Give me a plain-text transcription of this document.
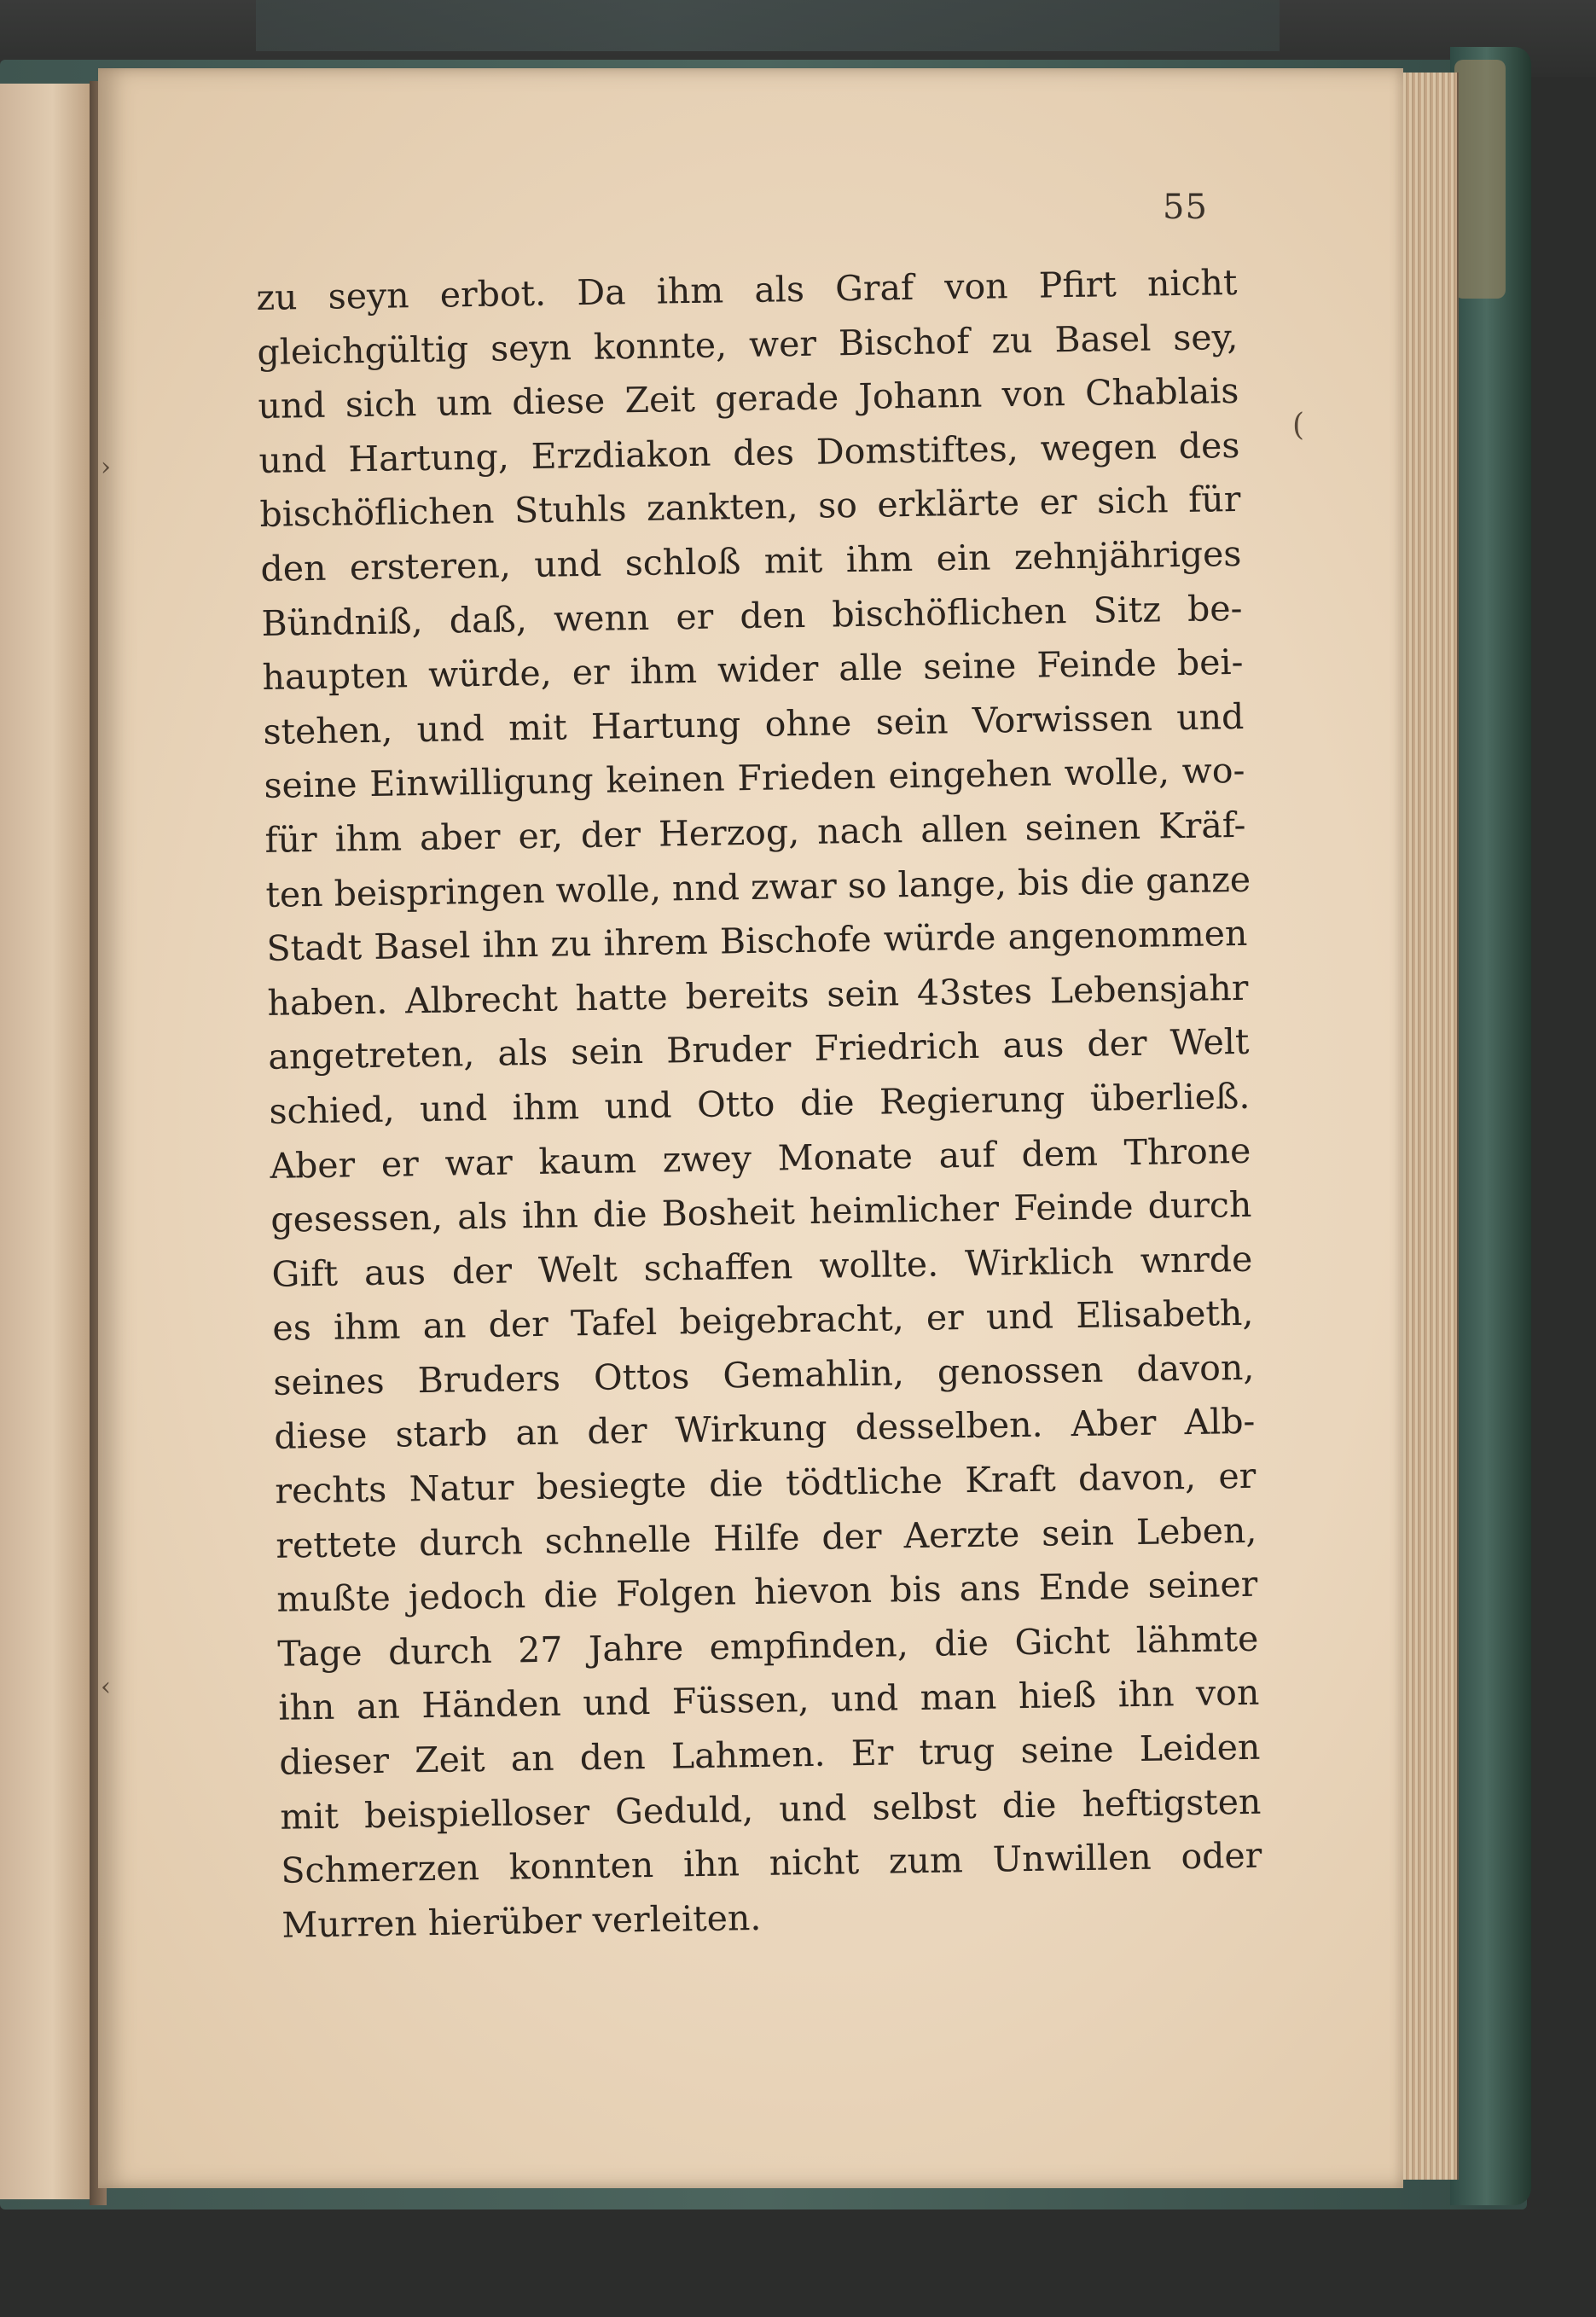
55
zu seyn erbot. Da ihm als Graf von Pfirt nicht
gleichgültig seyn konnte, wer Bischof zu Basel sey,
und sich um diese Zeit gerade Johann von Chablais
und Hartung, Erzdiakon des Domstiftes, wegen des
bischöflichen Stuhls zankten, so erklärte er sich für
den ersteren, und schloß mit ihm ein zehnjähriges
Bündniß, daß, wenn er den bischöflichen Sitz be-
haupten würde, er ihm wider alle seine Feinde bei-
stehen, und mit Hartung ohne sein Vorwissen und
seine Einwilligung keinen Frieden eingehen wolle, wo-
für ihm aber er, der Herzog, nach allen seinen Kräf-
ten beispringen wolle, nnd zwar so lange, bis die ganze
Stadt Basel ihn zu ihrem Bischofe würde angenommen
haben. Albrecht hatte bereits sein 43stes Lebensjahr
angetreten, als sein Bruder Friedrich aus der Welt
schied, und ihm und Otto die Regierung überließ.
Aber er war kaum zwey Monate auf dem Throne
gesessen, als ihn die Bosheit heimlicher Feinde durch
Gift aus der Welt schaffen wollte. Wirklich wnrde
es ihm an der Tafel beigebracht, er und Elisabeth,
seines Bruders Ottos Gemahlin, genossen davon,
diese starb an der Wirkung desselben. Aber Alb-
rechts Natur besiegte die tödtliche Kraft davon, er
rettete durch schnelle Hilfe der Aerzte sein Leben,
mußte jedoch die Folgen hievon bis ans Ende seiner
Tage durch 27 Jahre empfinden, die Gicht lähmte
ihn an Händen und Füssen, und man hieß ihn von
dieser Zeit an den Lahmen. Er trug seine Leiden
mit beispielloser Geduld, und selbst die heftigsten
Schmerzen konnten ihn nicht zum Unwillen oder
Murren hierüber verleiten.
›
‹
(
